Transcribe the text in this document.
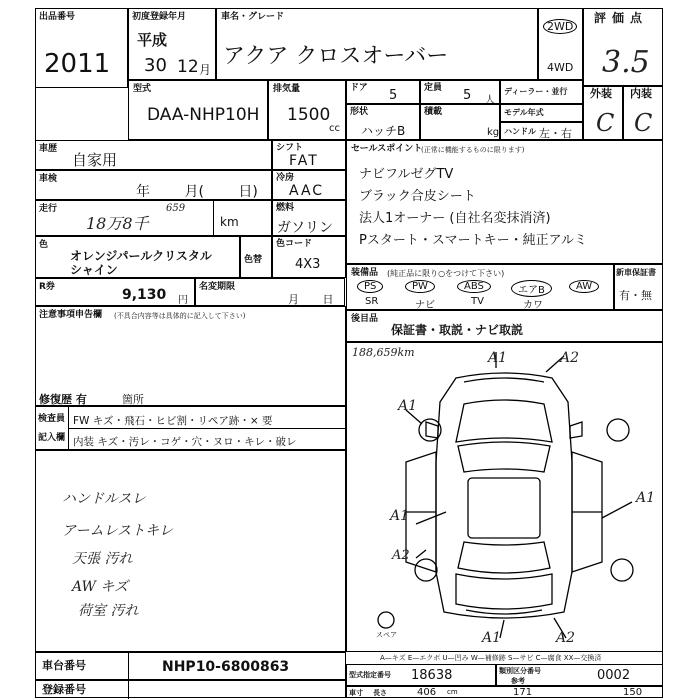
出品番号
2011
初度登録年月
平成
30 12 月
車名・グレード
アクア クロスオーバー
2WD
4WD
評価点
3.5
外装
C
内装
C
型式
DAA-NHP10H
排気量
1500
cc
ドア 5	定員 5 人
ディーラー・並行
形状
ハッチB
積載
kg
モデル年式
ハンドル 左・右
車歴
自家用
車検
年 月( 日)
走行
18万8千
659
km
色
オレンジパールクリスタル
シャイン
色替
R券	9,130 円
名変期限
月 日
シフト
FAT
冷房
AAC
燃料
ガソリン
色コード
4X3
注意事項申告欄 (不具合内容等は具体的に記入して下さい)
修復歴 有	箇所
セールスポイント
(正常に機能するものに限ります)
ナビフルゼグTV
ブラック合皮シート
法人1オーナー (自社名変抹消済)
Pスタート・スマートキー・純正アルミ
装備品 (純正品に限り○をつけて下さい)
PS	PW	ABS	エアB	AW
SR	ナビ	TV	カワ
新車保証書
有・無
後目品
保証書・取説・ナビ取説
検査員
記入欄
FW キズ・飛石・ヒビ割・リペア跡・× 要
内装 キズ・汚レ・コゲ・穴・ヌロ・キレ・破レ
ハンドルスレ
アームレストキレ
天張 汚れ
AW キズ
荷室 汚れ
188,659km	A1	A2
A1
A1
A1
A2
A1	A2
スペア
A—キズ E—エクボ U—凹み W—補修跡 S—サビ C—腐食 XX—交換済
車台番号	NHP10-6800863
登録番号
型式指定番号 18638	類別区分番号
参考	0002
車寸 長さ	406 cm	171	150
